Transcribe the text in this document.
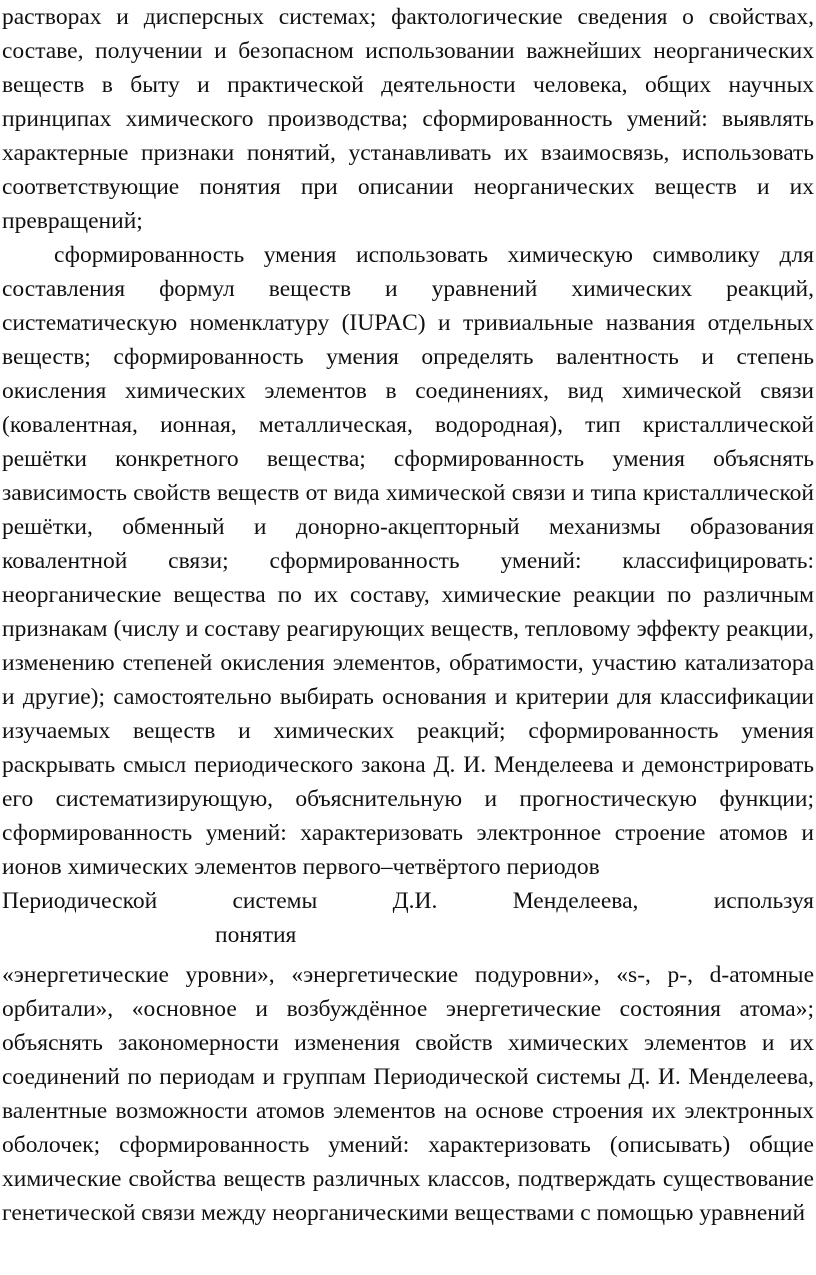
растворах и дисперсных системах; фактологические сведения о свойствах, составе, получении и безопасном использовании важнейших неорганических веществ в быту и практической деятельности человека, общих научных принципах химического производства; сформированность умений: выявлять характерные признаки понятий, устанавливать их взаимосвязь, использовать соответствующие понятия при описании неорганических веществ и их превращений;

сформированность умения использовать химическую символику для составления формул веществ и уравнений химических реакций, систематическую номенклатуру (IUPAC) и тривиальные названия отдельных веществ; сформированность умения определять валентность и степень окисления химических элементов в соединениях, вид химической связи (ковалентная, ионная, металлическая, водородная), тип кристаллической решётки конкретного вещества; сформированность умения объяснять зависимость свойств веществ от вида химической связи и типа кристаллической решётки, обменный и донорно-акцепторный механизмы образования ковалентной связи; сформированность умений: классифицировать: неорганические вещества по их составу, химические реакции по различным признакам (числу и составу реагирующих веществ, тепловому эффекту реакции, изменению степеней окисления элементов, обратимости, участию катализатора и другие); самостоятельно выбирать основания и критерии для классификации изучаемых веществ и химических реакций; сформированность умения раскрывать смысл периодического закона Д. И. Менделеева и демонстрировать его систематизирующую, объяснительную и прогностическую функции; сформированность умений: характеризовать электронное строение атомов и ионов химических элементов первого–четвёртого периодов

Периодической	системы	Д.И.	Менделеева,	используя
понятия

«энергетические уровни», «энергетические подуровни», «s-, p-, d-атомные орбитали», «основное и возбуждённое энергетические состояния атома»; объяснять закономерности изменения свойств химических элементов и их соединений по периодам и группам Периодической системы Д. И. Менделеева, валентные возможности атомов элементов на основе строения их электронных оболочек; сформированность умений: характеризовать (описывать) общие химические свойства веществ различных классов, подтверждать существование генетической связи между неорганическими веществами с помощью уравнений
